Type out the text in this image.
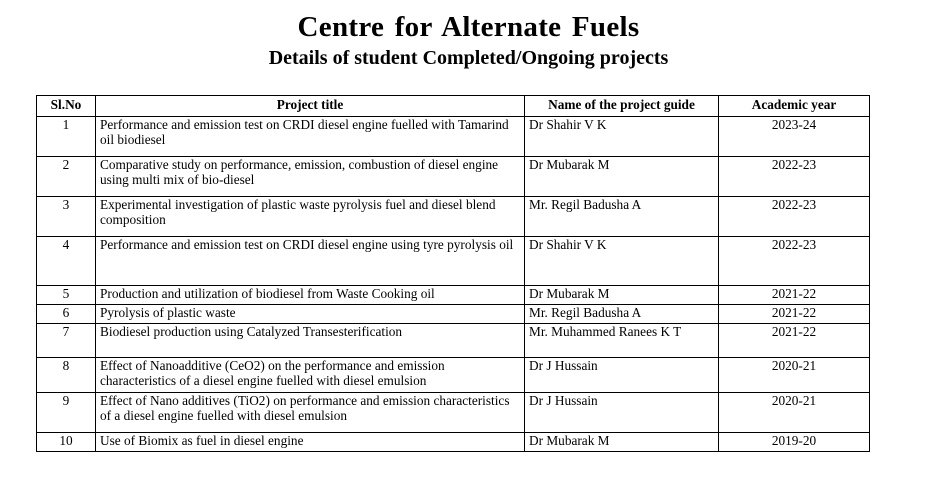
Centre for Alternate Fuels
Details of student Completed/Ongoing projects
Sl.No	Project title	Name of the project guide	Academic year
1	Performance and emission test on CRDI diesel engine fuelled with Tamarind oil biodiesel	Dr Shahir V K	2023-24
2	Comparative study on performance, emission, combustion of diesel engine using multi mix of bio-diesel	Dr Mubarak M	2022-23
3	Experimental investigation of plastic waste pyrolysis fuel and diesel blend composition	Mr. Regil Badusha A	2022-23
4	Performance and emission test on CRDI diesel engine using tyre pyrolysis oil	Dr Shahir V K	2022-23
5	Production and utilization of biodiesel from Waste Cooking oil	Dr Mubarak M	2021-22
6	Pyrolysis of plastic waste	Mr. Regil Badusha A	2021-22
7	Biodiesel production using Catalyzed Transesterification	Mr. Muhammed Ranees K T	2021-22
8	Effect of Nanoadditive (CeO2) on the performance and emission characteristics of a diesel engine fuelled with diesel emulsion	Dr J Hussain	2020-21
9	Effect of Nano additives (TiO2) on performance and emission characteristics of a diesel engine fuelled with diesel emulsion	Dr J Hussain	2020-21
10	Use of Biomix as fuel in diesel engine	Dr Mubarak M	2019-20
